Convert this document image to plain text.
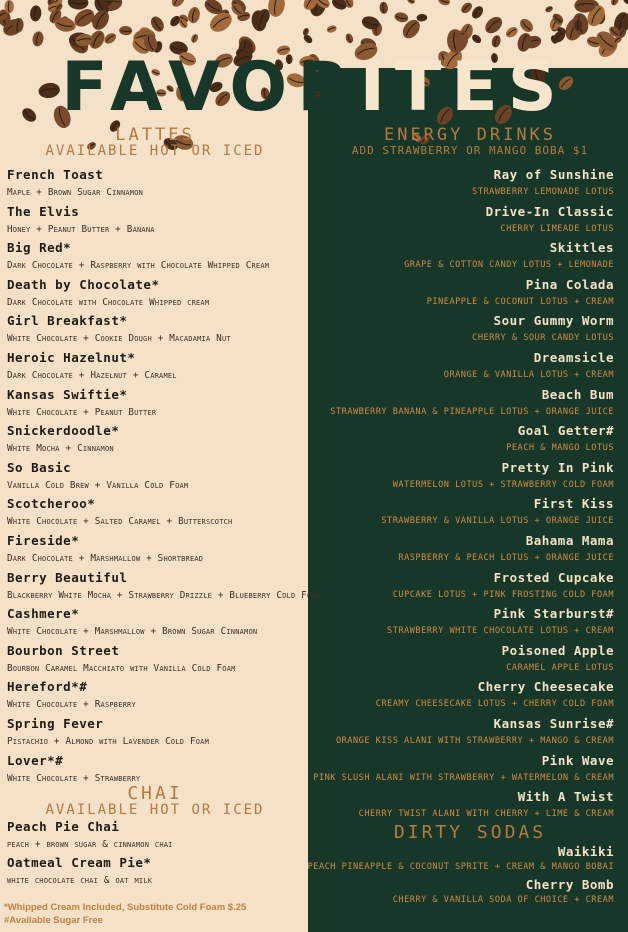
FAVORITES
LATTES
AVAILABLE HOT OR ICED
French Toast
Maple + Brown Sugar Cinnamon
The Elvis
Honey + Peanut Butter + Banana
Big Red*
Dark Chocolate + Raspberry with Chocolate Whipped Cream
Death by Chocolate*
Dark Chocolate with Chocolate Whipped cream
Girl Breakfast*
White Chocolate + Cookie Dough + Macadamia Nut
Heroic Hazelnut*
Dark Chocolate + Hazelnut + Caramel
Kansas Swiftie*
White Chocolate + Peanut Butter
Snickerdoodle*
White Mocha + Cinnamon
So Basic
Vanilla Cold Brew + Vanilla Cold Foam
Scotcheroo*
White Chocolate + Salted Caramel + Butterscotch
Fireside*
Dark Chocolate + Marshmallow + Shortbread
Berry Beautiful
Blackberry White Mocha + Strawberry Drizzle + Blueberry Cold Foam
Cashmere*
White Chocolate + Marshmallow + Brown Sugar Cinnamon
Bourbon Street
Bourbon Caramel Macchiato with Vanilla Cold Foam
Hereford*#
White Chocolate + Raspberry
Spring Fever
Pistachio + Almond with Lavender Cold Foam
Lover*#
White Chocolate + Strawberry
CHAI
AVAILABLE HOT OR ICED
Peach Pie Chai
peach + brown sugar & cinnamon chai
Oatmeal Cream Pie*
white chocolate chai & oat milk
*Whipped Cream Included, Substitute Cold Foam $.25
#Available Sugar Free
ENERGY DRINKS
ADD STRAWBERRY OR MANGO BOBA $1
Ray of Sunshine
STRAWBERRY LEMONADE LOTUS
Drive-In Classic
CHERRY LIMEADE LOTUS
Skittles
GRAPE & COTTON CANDY LOTUS + LEMONADE
Pina Colada
PINEAPPLE & COCONUT LOTUS + CREAM
Sour Gummy Worm
CHERRY & SOUR CANDY LOTUS
Dreamsicle
ORANGE & VANILLA LOTUS + CREAM
Beach Bum
STRAWBERRY BANANA & PINEAPPLE LOTUS + ORANGE JUICE
Goal Getter#
PEACH & MANGO LOTUS
Pretty In Pink
WATERMELON LOTUS + STRAWBERRY COLD FOAM
First Kiss
STRAWBERRY & VANILLA LOTUS + ORANGE JUICE
Bahama Mama
RASPBERRY & PEACH LOTUS + ORANGE JUICE
Frosted Cupcake
CUPCAKE LOTUS + PINK FROSTING COLD FOAM
Pink Starburst#
STRAWBERRY WHITE CHOCOLATE LOTUS + CREAM
Poisoned Apple
CARAMEL APPLE LOTUS
Cherry Cheesecake
CREAMY CHEESECAKE LOTUS + CHERRY COLD FOAM
Kansas Sunrise#
ORANGE KISS ALANI WITH STRAWBERRY + MANGO & CREAM
Pink Wave
PINK SLUSH ALANI WITH STRAWBERRY + WATERMELON & CREAM
With A Twist
CHERRY TWIST ALANI WITH CHERRY + LIME & CREAM
DIRTY SODAS
Waikiki
PEACH PINEAPPLE & COCONUT SPRITE + CREAM & MANGO BOBAI
Cherry Bomb
CHERRY & VANILLA SODA OF CHOICE + CREAM
